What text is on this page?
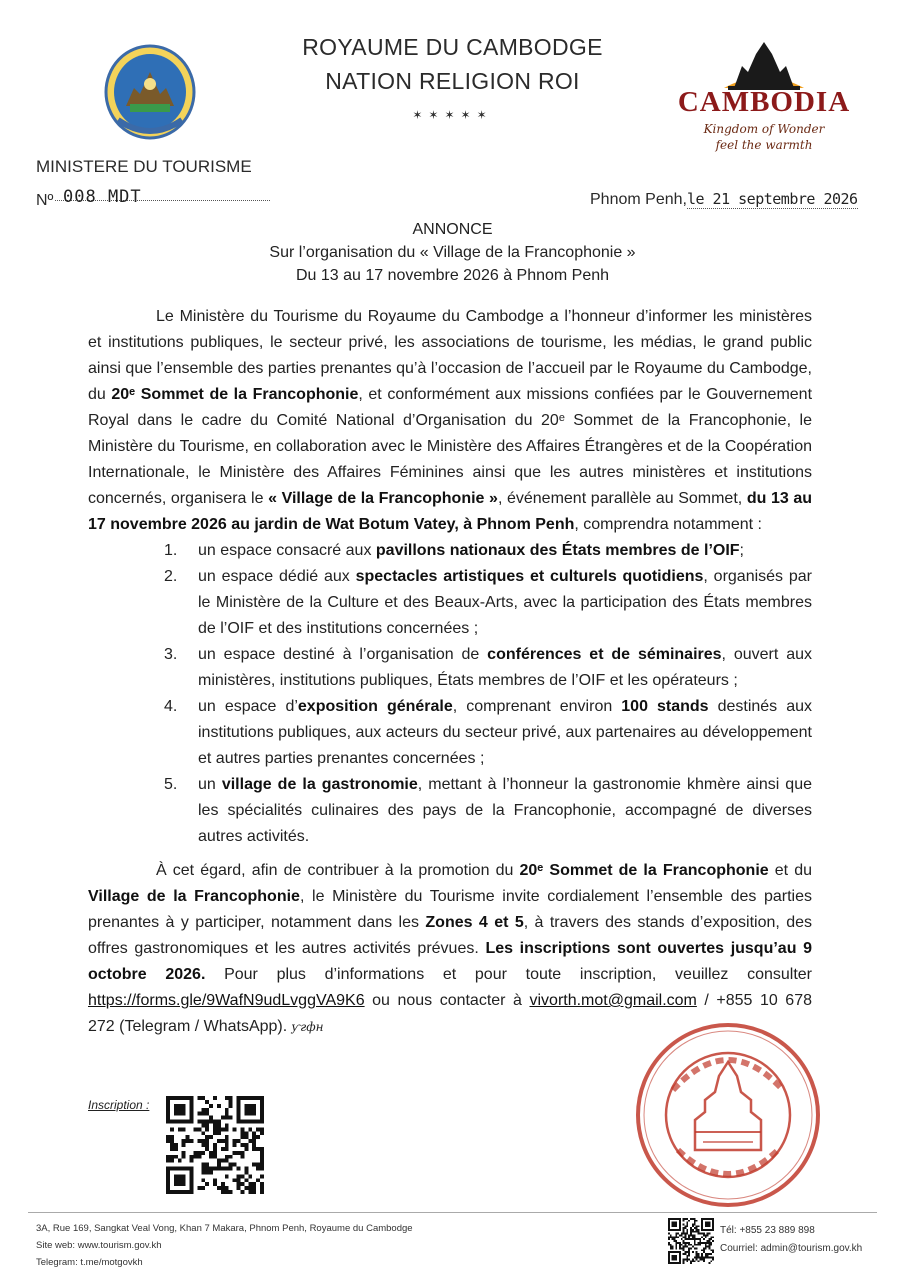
ROYAUME DU CAMBODGE
NATION RELIGION ROI
✶✶✶✶✶	CAMBODIA
Kingdom of Wonder
feel the warmth
MINISTERE DU TOURISME
Nº 008 MDT	Phnom Penh,le 21 septembre 2026
ANNONCE
Sur l’organisation du « Village de la Francophonie »
Du 13 au 17 novembre 2026 à Phnom Penh

Le Ministère du Tourisme du Royaume du Cambodge a l’honneur d’informer les ministères et institutions publiques, le secteur privé, les associations de tourisme, les médias, le grand public ainsi que l’ensemble des parties prenantes qu’à l’occasion de l’accueil par le Royaume du Cambodge, du 20ᵉ Sommet de la Francophonie, et conformément aux missions confiées par le Gouvernement Royal dans le cadre du Comité National d’Organisation du 20ᵉ Sommet de la Francophonie, le Ministère du Tourisme, en collaboration avec le Ministère des Affaires Étrangères et de la Coopération Internationale, le Ministère des Affaires Féminines ainsi que les autres ministères et institutions concernés, organisera le « Village de la Francophonie », événement parallèle au Sommet, du 13 au 17 novembre 2026 au jardin de Wat Botum Vatey, à Phnom Penh, comprendra notamment :

1. un espace consacré aux pavillons nationaux des États membres de l’OIF;
2. un espace dédié aux spectacles artistiques et culturels quotidiens, organisés par le Ministère de la Culture et des Beaux-Arts, avec la participation des États membres de l’OIF et des institutions concernées ;
3. un espace destiné à l’organisation de conférences et de séminaires, ouvert aux ministères, institutions publiques, États membres de l’OIF et les opérateurs ;
4. un espace d’exposition générale, comprenant environ 100 stands destinés aux institutions publiques, aux acteurs du secteur privé, aux partenaires au développement et autres parties prenantes concernées ;
5. un village de la gastronomie, mettant à l’honneur la gastronomie khmère ainsi que les spécialités culinaires des pays de la Francophonie, accompagné de diverses autres activités.

À cet égard, afin de contribuer à la promotion du 20ᵉ Sommet de la Francophonie et du Village de la Francophonie, le Ministère du Tourisme invite cordialement l’ensemble des parties prenantes à y participer, notamment dans les Zones 4 et 5, à travers des stands d’exposition, des offres gastronomiques et les autres activités prévues. Les inscriptions sont ouvertes jusqu’au 9 octobre 2026. Pour plus d’informations et pour toute inscription, veuillez consulter https://forms.gle/9WafN9udLvggVA9K6 ou nous contacter à vivorth.mot@gmail.com / +855 10 678 272 (Telegram / WhatsApp). ƴгфн

Inscription :
3A, Rue 169, Sangkat Veal Vong, Khan 7 Makara, Phnom Penh, Royaume du Cambodge
Site web: www.tourism.gov.kh
Telegram: t.me/motgovkh
Tél: +855 23 889 898
Courriel: admin@tourism.gov.kh
